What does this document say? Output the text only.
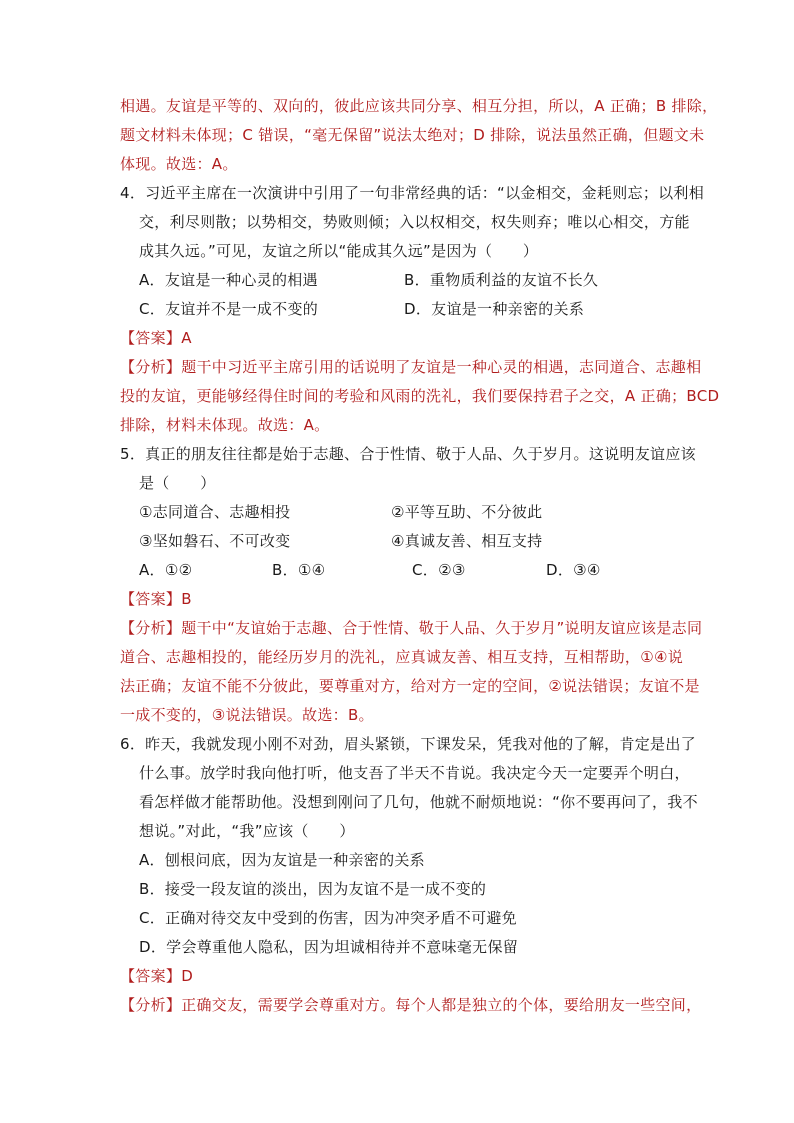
相遇。友谊是平等的、双向的，彼此应该共同分享、相互分担，所以，A 正确；B 排除，
题文材料未体现；C 错误，“毫无保留”说法太绝对；D 排除，说法虽然正确，但题文未
体现。故选：A。
4．习近平主席在一次演讲中引用了一句非常经典的话：“以金相交，金耗则忘；以利相
交，利尽则散；以势相交，势败则倾；入以权相交，权失则弃；唯以心相交，方能
成其久远。”可见，友谊之所以“能成其久远”是因为（　　）
A．友谊是一种心灵的相遇	B．重物质利益的友谊不长久
C．友谊并不是一成不变的	D．友谊是一种亲密的关系
【答案】A
【分析】题干中习近平主席引用的话说明了友谊是一种心灵的相遇，志同道合、志趣相
投的友谊，更能够经得住时间的考验和风雨的洗礼，我们要保持君子之交，A 正确；BCD
排除，材料未体现。故选：A。
5．真正的朋友往往都是始于志趣、合于性情、敬于人品、久于岁月。这说明友谊应该
是（　　）
①志同道合、志趣相投	②平等互助、不分彼此
③坚如磐石、不可改变	④真诚友善、相互支持
A．①②	B．①④	C．②③	D．③④
【答案】B
【分析】题干中“友谊始于志趣、合于性情、敬于人品、久于岁月”说明友谊应该是志同
道合、志趣相投的，能经历岁月的洗礼，应真诚友善、相互支持，互相帮助，①④说
法正确；友谊不能不分彼此，要尊重对方，给对方一定的空间，②说法错误；友谊不是
一成不变的，③说法错误。故选：B。
6．昨天，我就发现小刚不对劲，眉头紧锁，下课发呆，凭我对他的了解，肯定是出了
什么事。放学时我向他打听，他支吾了半天不肯说。我决定今天一定要弄个明白，
看怎样做才能帮助他。没想到刚问了几句，他就不耐烦地说：“你不要再问了，我不
想说。”对此，“我”应该（　　）
A．刨根问底，因为友谊是一种亲密的关系
B．接受一段友谊的淡出，因为友谊不是一成不变的
C．正确对待交友中受到的伤害，因为冲突矛盾不可避免
D．学会尊重他人隐私，因为坦诚相待并不意味毫无保留
【答案】D
【分析】正确交友，需要学会尊重对方。每个人都是独立的个体，要给朋友一些空间，
